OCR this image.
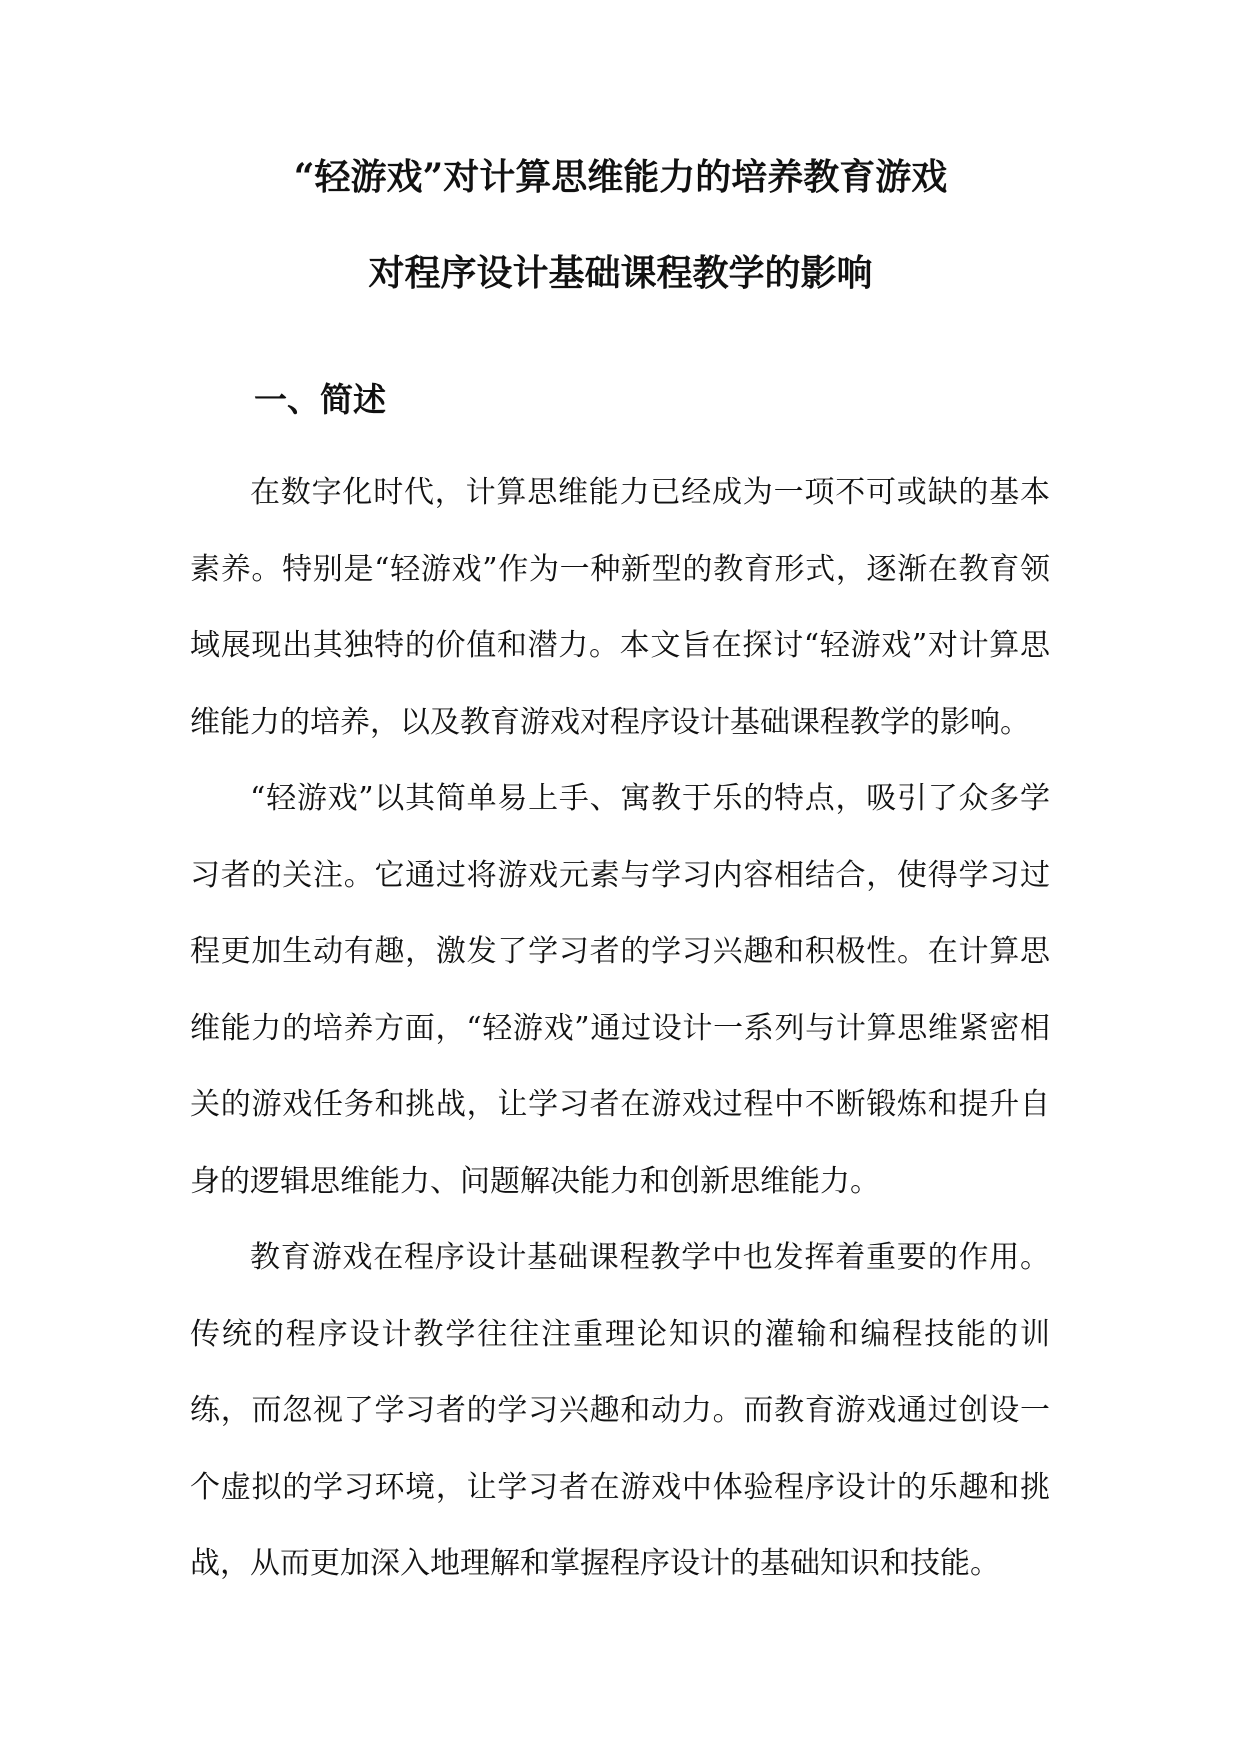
“轻游戏”对计算思维能力的培养教育游戏
对程序设计基础课程教学的影响
一、简述

在数字化时代，计算思维能力已经成为一项不可或缺的基本素养。特别是“轻游戏”作为一种新型的教育形式，逐渐在教育领域展现出其独特的价值和潜力。本文旨在探讨“轻游戏”对计算思维能力的培养，以及教育游戏对程序设计基础课程教学的影响。

“轻游戏”以其简单易上手、寓教于乐的特点，吸引了众多学习者的关注。它通过将游戏元素与学习内容相结合，使得学习过程更加生动有趣，激发了学习者的学习兴趣和积极性。在计算思维能力的培养方面，“轻游戏”通过设计一系列与计算思维紧密相关的游戏任务和挑战，让学习者在游戏过程中不断锻炼和提升自身的逻辑思维能力、问题解决能力和创新思维能力。

教育游戏在程序设计基础课程教学中也发挥着重要的作用。传统的程序设计教学往往注重理论知识的灌输和编程技能的训练，而忽视了学习者的学习兴趣和动力。而教育游戏通过创设一个虚拟的学习环境，让学习者在游戏中体验程序设计的乐趣和挑战，从而更加深入地理解和掌握程序设计的基础知识和技能。
